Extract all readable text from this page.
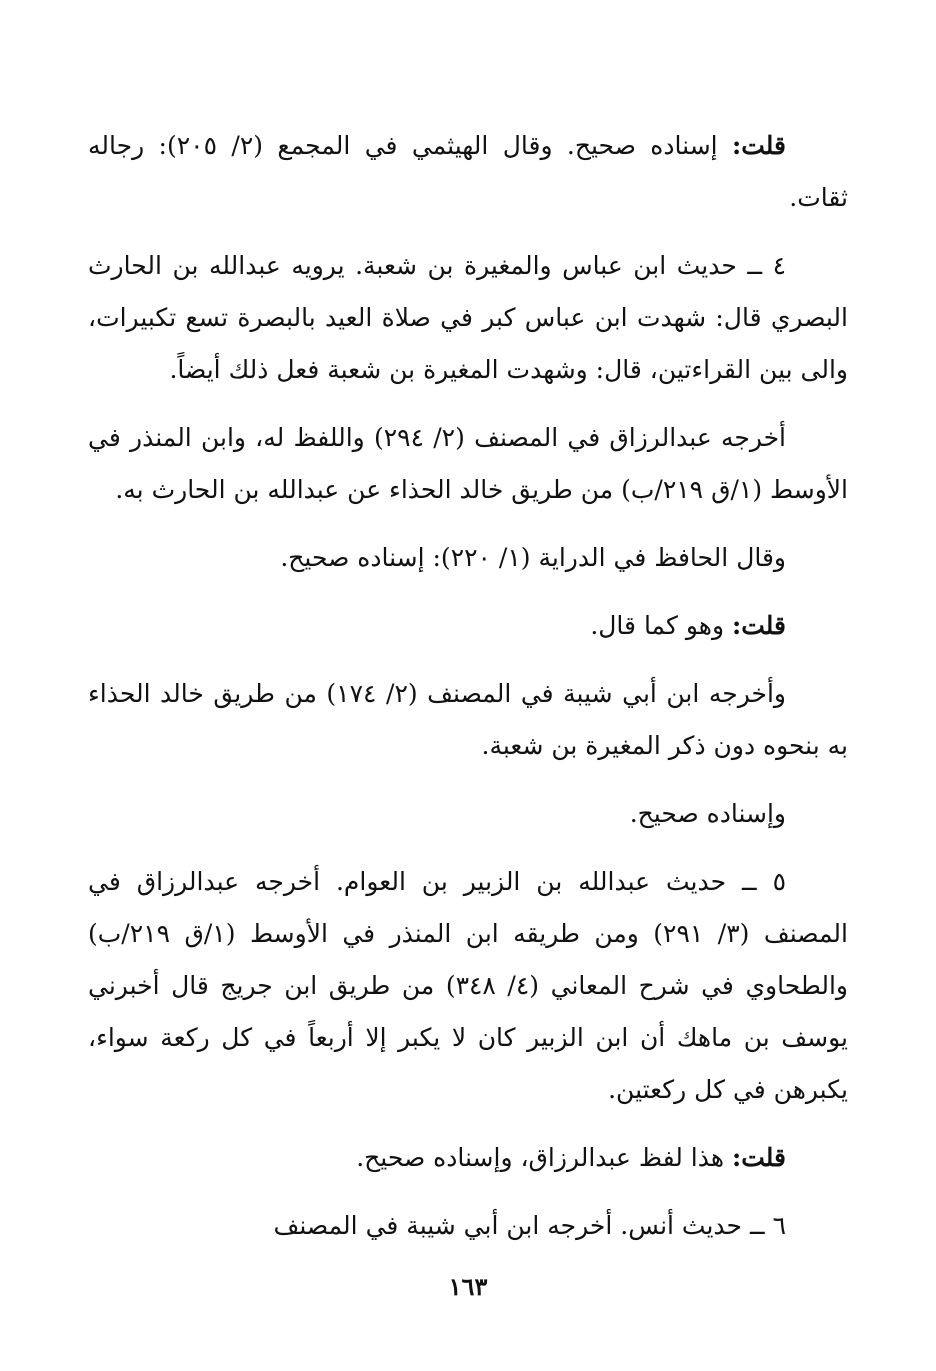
قلت: إسناده صحيح. وقال الهيثمي في المجمع (٢/ ٢٠٥): رجاله ثقات.

٤ ــ حديث ابن عباس والمغيرة بن شعبة. يرويه عبدالله بن الحارث البصري قال: شهدت ابن عباس كبر في صلاة العيد بالبصرة تسع تكبيرات، والى بين القراءتين، قال: وشهدت المغيرة بن شعبة فعل ذلك أيضاً.

أخرجه عبدالرزاق في المصنف (٢/ ٢٩٤) واللفظ له، وابن المنذر في الأوسط (١/ق ٢١٩/ب) من طريق خالد الحذاء عن عبدالله بن الحارث به.

وقال الحافظ في الدراية (١/ ٢٢٠): إسناده صحيح.

قلت: وهو كما قال.

وأخرجه ابن أبي شيبة في المصنف (٢/ ١٧٤) من طريق خالد الحذاء به بنحوه دون ذكر المغيرة بن شعبة.

وإسناده صحيح.

٥ ــ حديث عبدالله بن الزبير بن العوام. أخرجه عبدالرزاق في المصنف (٣/ ٢٩١) ومن طريقه ابن المنذر في الأوسط (١/ق ٢١٩/ب) والطحاوي في شرح المعاني (٤/ ٣٤٨) من طريق ابن جريج قال أخبرني يوسف بن ماهك أن ابن الزبير كان لا يكبر إلا أربعاً في كل ركعة سواء، يكبرهن في كل ركعتين.

قلت: هذا لفظ عبدالرزاق، وإسناده صحيح.

٦ ــ حديث أنس. أخرجه ابن أبي شيبة في المصنف

١٦٣
